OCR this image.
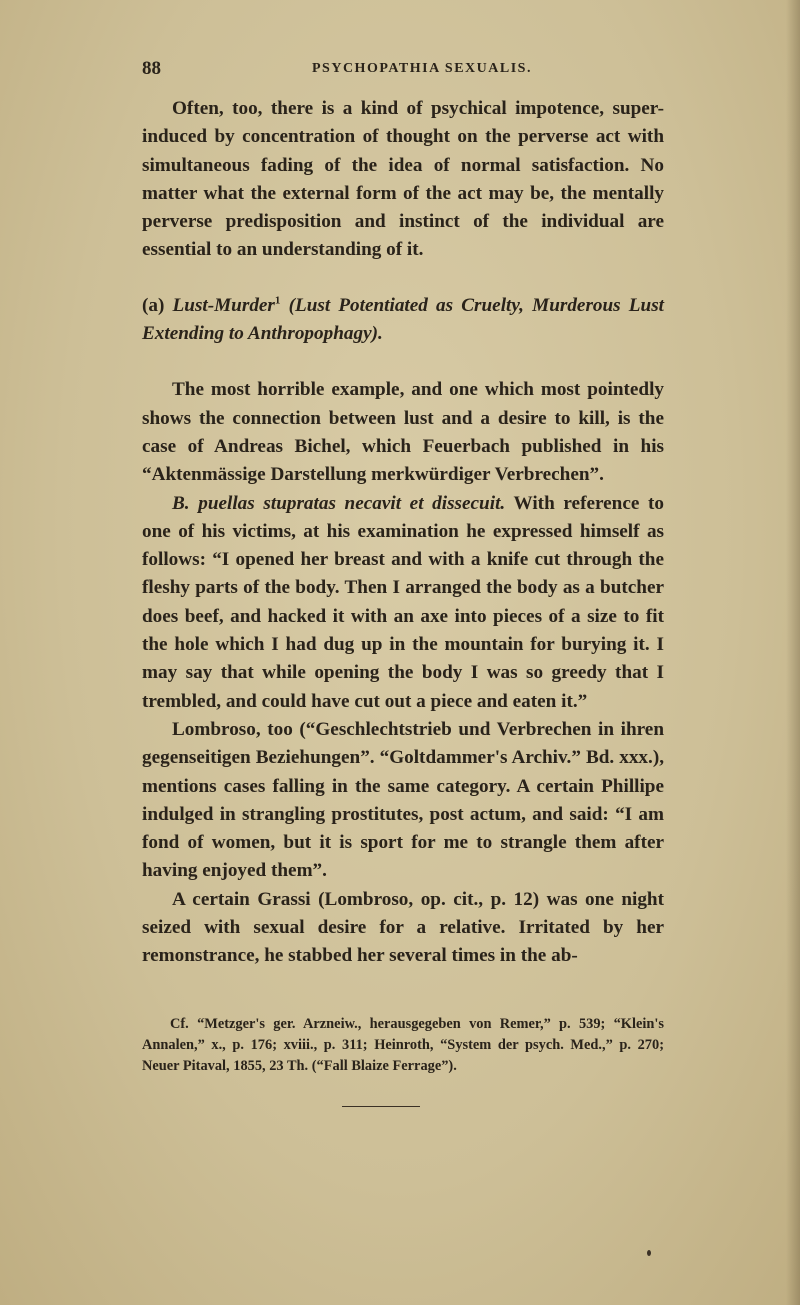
88	PSYCHOPATHIA SEXUALIS.

Often, too, there is a kind of psychical impotence, super-induced by concentration of thought on the perverse act with simultaneous fading of the idea of normal satisfaction. No matter what the external form of the act may be, the mentally perverse predisposition and instinct of the individual are essential to an understanding of it.

(a) Lust-Murder$^1$ (Lust Potentiated as Cruelty, Murderous Lust Extending to Anthropophagy).

The most horrible example, and one which most pointedly shows the connection between lust and a desire to kill, is the case of Andreas Bichel, which Feuerbach published in his “Aktenmässige Darstellung merkwürdiger Verbrechen”.

B. puellas stupratas necavit et dissecuit. With reference to one of his victims, at his examination he expressed himself as follows: “I opened her breast and with a knife cut through the fleshy parts of the body. Then I arranged the body as a butcher does beef, and hacked it with an axe into pieces of a size to fit the hole which I had dug up in the mountain for burying it. I may say that while opening the body I was so greedy that I trembled, and could have cut out a piece and eaten it.”

Lombroso, too (“Geschlechtstrieb und Verbrechen in ihren gegenseitigen Beziehungen”. “Goltdammer's Archiv.” Bd. xxx.), mentions cases falling in the same category. A certain Phillipe indulged in strangling prostitutes, post actum, and said: “I am fond of women, but it is sport for me to strangle them after having enjoyed them”.

A certain Grassi (Lombroso, op. cit., p. 12) was one night seized with sexual desire for a relative. Irritated by her remonstrance, he stabbed her several times in the ab-

Cf. “Metzger's ger. Arzneiw., herausgegeben von Remer,” p. 539; “Klein's Annalen,” x., p. 176; xviii., p. 311; Heinroth, “System der psych. Med.,” p. 270; Neuer Pitaval, 1855, 23 Th. (“Fall Blaize Ferrage”).
